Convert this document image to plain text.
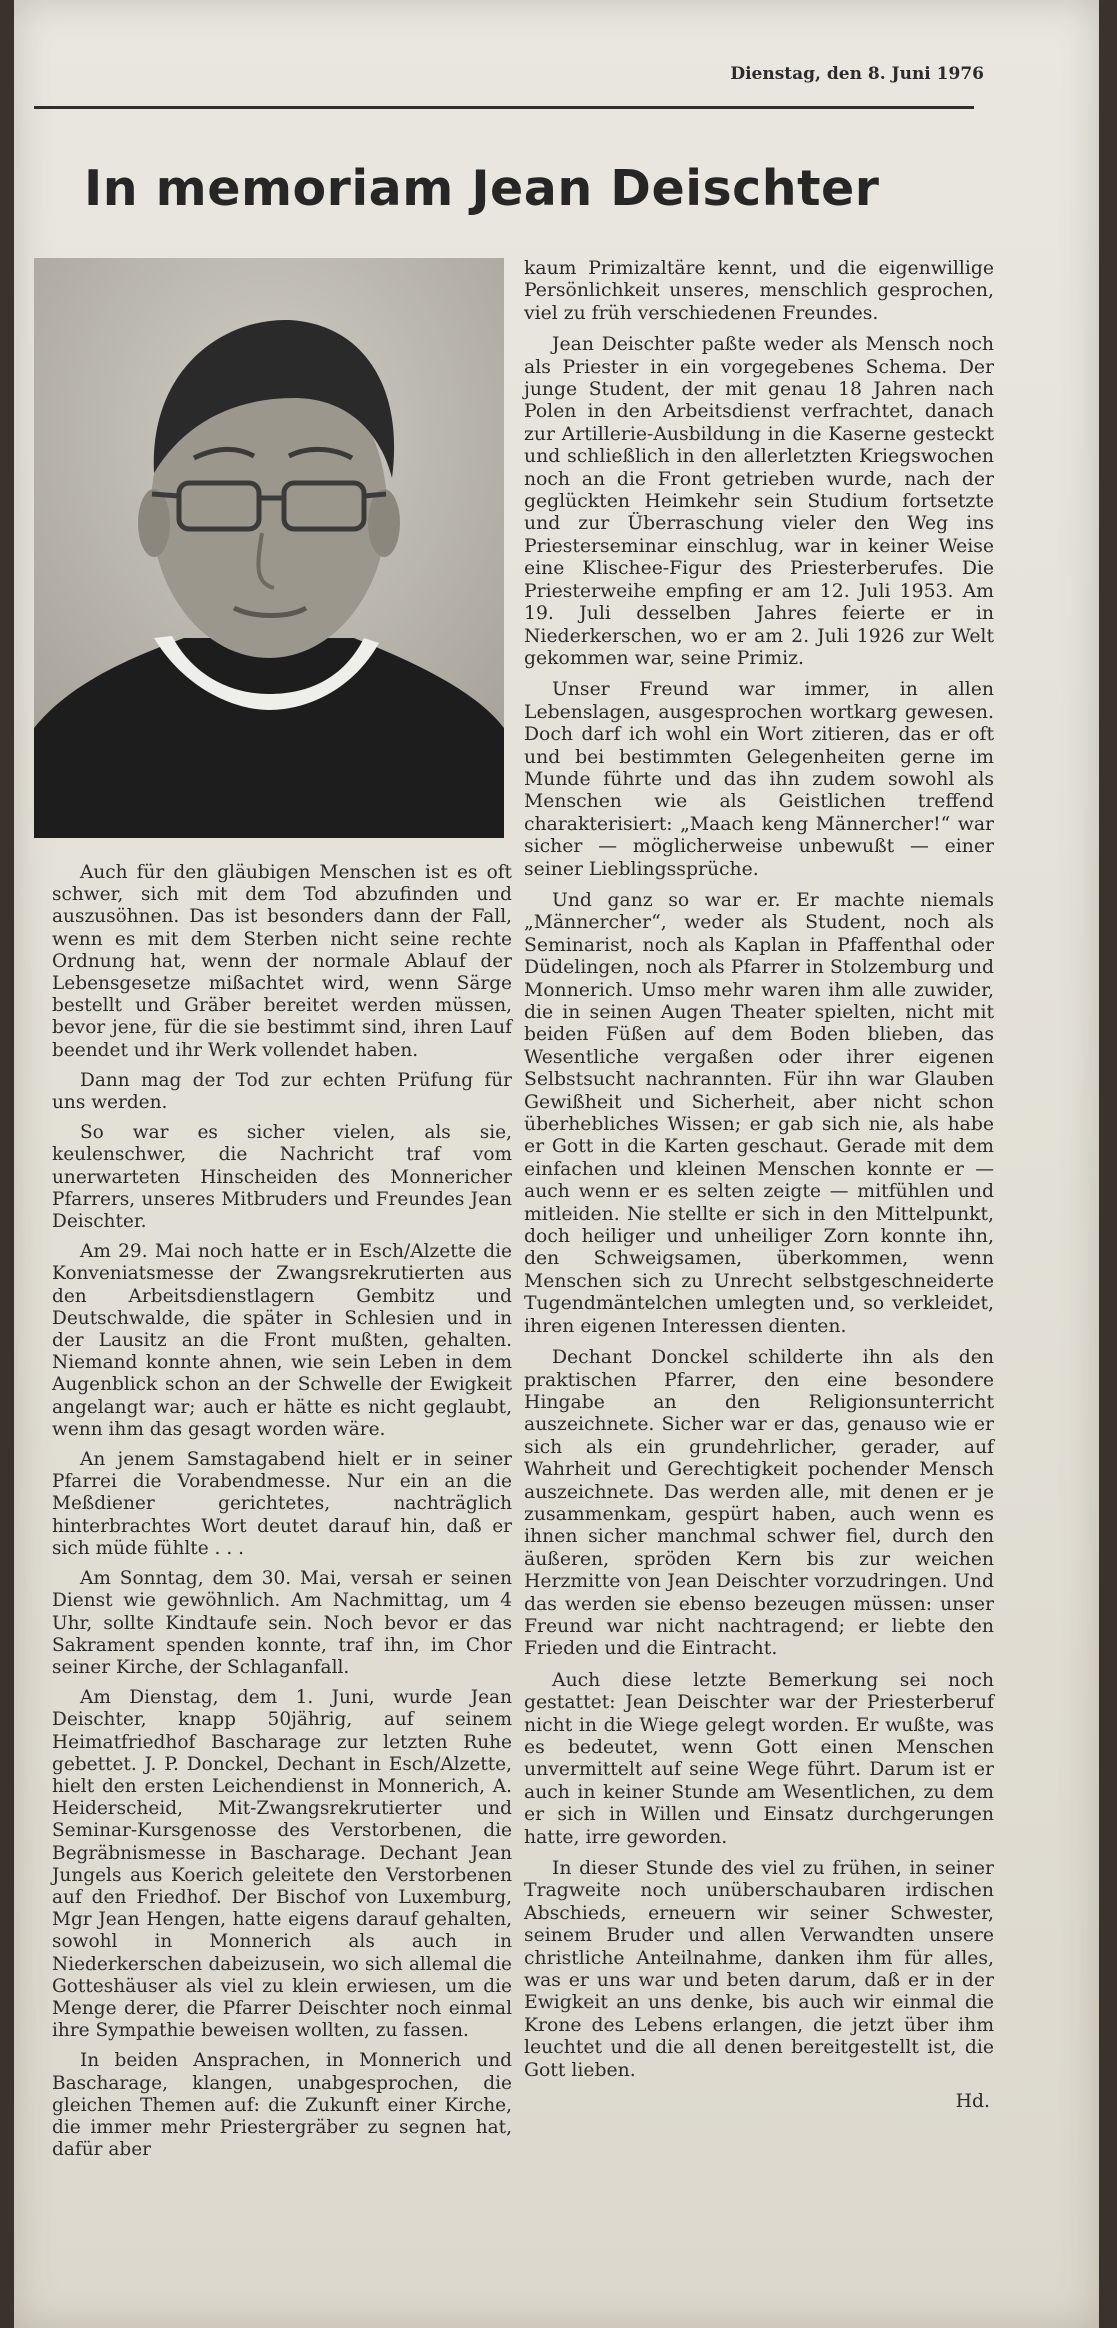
Dienstag, den 8. Juni 1976
In memoriam Jean Deischter

Auch für den gläubigen Menschen ist es oft schwer, sich mit dem Tod abzufinden und auszusöhnen. Das ist besonders dann der Fall, wenn es mit dem Sterben nicht seine rechte Ordnung hat, wenn der normale Ablauf der Lebensgesetze mißachtet wird, wenn Särge bestellt und Gräber bereitet werden müssen, bevor jene, für die sie bestimmt sind, ihren Lauf beendet und ihr Werk vollendet haben.

Dann mag der Tod zur echten Prüfung für uns werden.

So war es sicher vielen, als sie, keulenschwer, die Nachricht traf vom unerwarteten Hinscheiden des Monnericher Pfarrers, unseres Mitbruders und Freundes Jean Deischter.

Am 29. Mai noch hatte er in Esch/Alzette die Konveniatsmesse der Zwangsrekrutierten aus den Arbeitsdienstlagern Gembitz und Deutschwalde, die später in Schlesien und in der Lausitz an die Front mußten, gehalten. Niemand konnte ahnen, wie sein Leben in dem Augenblick schon an der Schwelle der Ewigkeit angelangt war; auch er hätte es nicht geglaubt, wenn ihm das gesagt worden wäre.

An jenem Samstagabend hielt er in seiner Pfarrei die Vorabendmesse. Nur ein an die Meßdiener gerichtetes, nachträglich hinterbrachtes Wort deutet darauf hin, daß er sich müde fühlte . . .

Am Sonntag, dem 30. Mai, versah er seinen Dienst wie gewöhnlich. Am Nachmittag, um 4 Uhr, sollte Kindtaufe sein. Noch bevor er das Sakrament spenden konnte, traf ihn, im Chor seiner Kirche, der Schlaganfall.

Am Dienstag, dem 1. Juni, wurde Jean Deischter, knapp 50jährig, auf seinem Heimatfriedhof Bascharage zur letzten Ruhe gebettet. J. P. Donckel, Dechant in Esch/Alzette, hielt den ersten Leichendienst in Monnerich, A. Heiderscheid, Mit-Zwangsrekrutierter und Seminar-Kursgenosse des Verstorbenen, die Begräbnismesse in Bascharage. Dechant Jean Jungels aus Koerich geleitete den Verstorbenen auf den Friedhof. Der Bischof von Luxemburg, Mgr Jean Hengen, hatte eigens darauf gehalten, sowohl in Monnerich als auch in Niederkerschen dabeizusein, wo sich allemal die Gotteshäuser als viel zu klein erwiesen, um die Menge derer, die Pfarrer Deischter noch einmal ihre Sympathie beweisen wollten, zu fassen.

In beiden Ansprachen, in Monnerich und Bascharage, klangen, unabgesprochen, die gleichen Themen auf: die Zukunft einer Kirche, die immer mehr Priestergräber zu segnen hat, dafür aber

kaum Primizaltäre kennt, und die eigenwillige Persönlichkeit unseres, menschlich gesprochen, viel zu früh verschiedenen Freundes.

Jean Deischter paßte weder als Mensch noch als Priester in ein vorgegebenes Schema. Der junge Student, der mit genau 18 Jahren nach Polen in den Arbeitsdienst verfrachtet, danach zur Artillerie-Ausbildung in die Kaserne gesteckt und schließlich in den allerletzten Kriegswochen noch an die Front getrieben wurde, nach der geglückten Heimkehr sein Studium fortsetzte und zur Überraschung vieler den Weg ins Priesterseminar einschlug, war in keiner Weise eine Klischee-Figur des Priesterberufes. Die Priesterweihe empfing er am 12. Juli 1953. Am 19. Juli desselben Jahres feierte er in Niederkerschen, wo er am 2. Juli 1926 zur Welt gekommen war, seine Primiz.

Unser Freund war immer, in allen Lebenslagen, ausgesprochen wortkarg gewesen. Doch darf ich wohl ein Wort zitieren, das er oft und bei bestimmten Gelegenheiten gerne im Munde führte und das ihn zudem sowohl als Menschen wie als Geistlichen treffend charakterisiert: „Maach keng Männercher!“ war sicher — möglicherweise unbewußt — einer seiner Lieblingssprüche.

Und ganz so war er. Er machte niemals „Männercher“, weder als Student, noch als Seminarist, noch als Kaplan in Pfaffenthal oder Düdelingen, noch als Pfarrer in Stolzemburg und Monnerich. Umso mehr waren ihm alle zuwider, die in seinen Augen Theater spielten, nicht mit beiden Füßen auf dem Boden blieben, das Wesentliche vergaßen oder ihrer eigenen Selbstsucht nachrannten. Für ihn war Glauben Gewißheit und Sicherheit, aber nicht schon überhebliches Wissen; er gab sich nie, als habe er Gott in die Karten geschaut. Gerade mit dem einfachen und kleinen Menschen konnte er — auch wenn er es selten zeigte — mitfühlen und mitleiden. Nie stellte er sich in den Mittelpunkt, doch heiliger und unheiliger Zorn konnte ihn, den Schweigsamen, überkommen, wenn Menschen sich zu Unrecht selbstgeschneiderte Tugendmäntelchen umlegten und, so verkleidet, ihren eigenen Interessen dienten.

Dechant Donckel schilderte ihn als den praktischen Pfarrer, den eine besondere Hingabe an den Religionsunterricht auszeichnete. Sicher war er das, genauso wie er sich als ein grundehrlicher, gerader, auf Wahrheit und Gerechtigkeit pochender Mensch auszeichnete. Das werden alle, mit denen er je zusammenkam, gespürt haben, auch wenn es ihnen sicher manchmal schwer fiel, durch den äußeren, spröden Kern bis zur weichen Herzmitte von Jean Deischter vorzudringen. Und das werden sie ebenso bezeugen müssen: unser Freund war nicht nachtragend; er liebte den Frieden und die Eintracht.

Auch diese letzte Bemerkung sei noch gestattet: Jean Deischter war der Priesterberuf nicht in die Wiege gelegt worden. Er wußte, was es bedeutet, wenn Gott einen Menschen unvermittelt auf seine Wege führt. Darum ist er auch in keiner Stunde am Wesentlichen, zu dem er sich in Willen und Einsatz durchgerungen hatte, irre geworden.

In dieser Stunde des viel zu frühen, in seiner Tragweite noch unüberschaubaren irdischen Abschieds, erneuern wir seiner Schwester, seinem Bruder und allen Verwandten unsere christliche Anteilnahme, danken ihm für alles, was er uns war und beten darum, daß er in der Ewigkeit an uns denke, bis auch wir einmal die Krone des Lebens erlangen, die jetzt über ihm leuchtet und die all denen bereitgestellt ist, die Gott lieben.

Hd.
